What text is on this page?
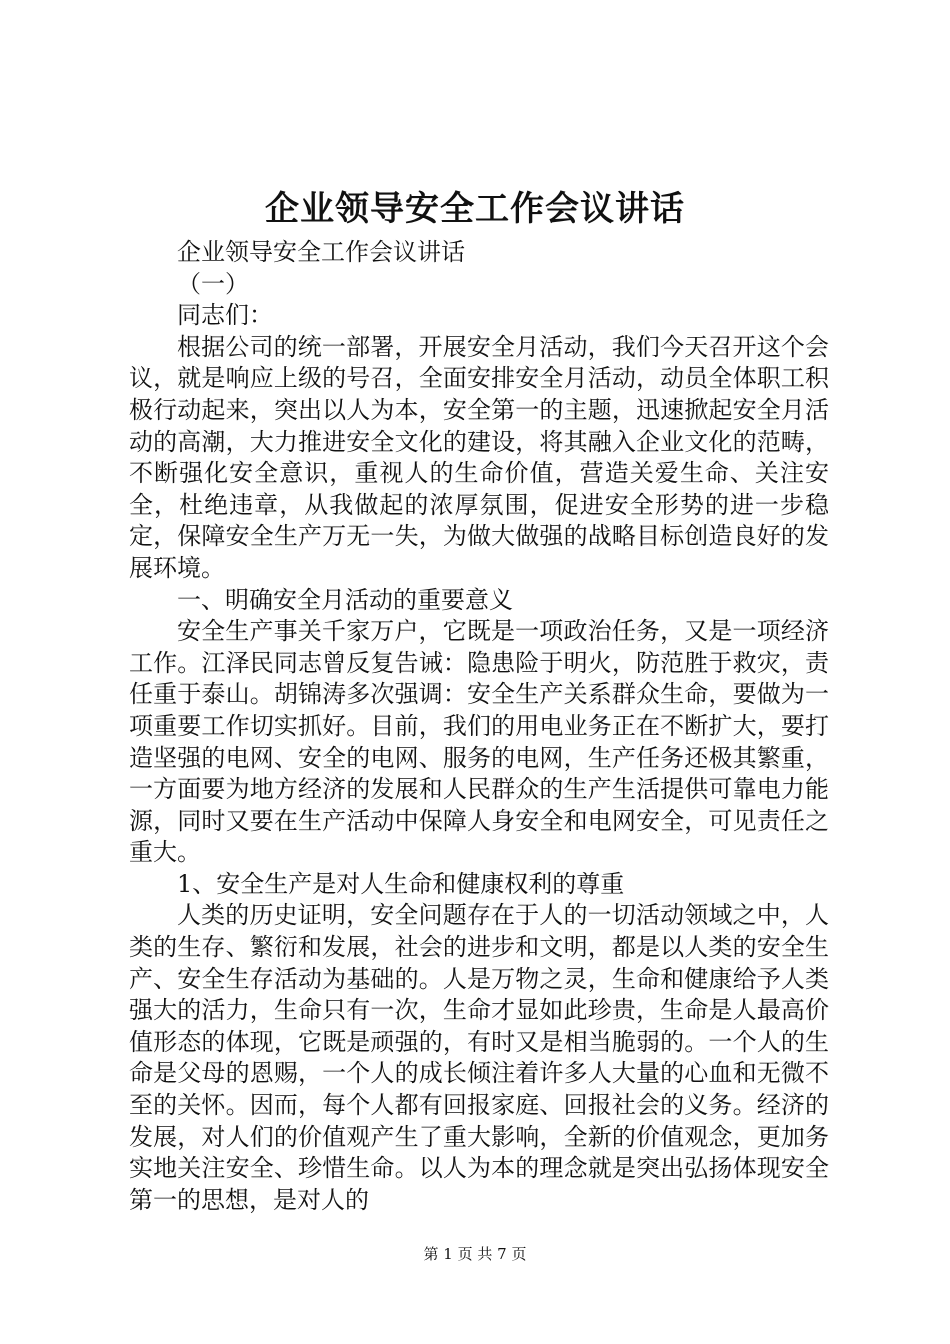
企业领导安全工作会议讲话

企业领导安全工作会议讲话

（一）

同志们：

根据公司的统一部署，开展安全月活动，我们今天召开这个会议，就是响应上级的号召，全面安排安全月活动，动员全体职工积极行动起来，突出以人为本，安全第一的主题，迅速掀起安全月活动的高潮，大力推进安全文化的建设，将其融入企业文化的范畴，不断强化安全意识，重视人的生命价值，营造关爱生命、关注安全，杜绝违章，从我做起的浓厚氛围，促进安全形势的进一步稳定，保障安全生产万无一失，为做大做强的战略目标创造良好的发展环境。

一、明确安全月活动的重要意义

安全生产事关千家万户，它既是一项政治任务，又是一项经济工作。江泽民同志曾反复告诫：隐患险于明火，防范胜于救灾，责任重于泰山。胡锦涛多次强调：安全生产关系群众生命，要做为一项重要工作切实抓好。目前，我们的用电业务正在不断扩大，要打造坚强的电网、安全的电网、服务的电网，生产任务还极其繁重，一方面要为地方经济的发展和人民群众的生产生活提供可靠电力能源，同时又要在生产活动中保障人身安全和电网安全，可见责任之重大。

1、安全生产是对人生命和健康权利的尊重

人类的历史证明，安全问题存在于人的一切活动领域之中，人类的生存、繁衍和发展，社会的进步和文明，都是以人类的安全生产、安全生存活动为基础的。人是万物之灵，生命和健康给予人类强大的活力，生命只有一次，生命才显如此珍贵，生命是人最高价值形态的体现，它既是顽强的，有时又是相当脆弱的。一个人的生命是父母的恩赐，一个人的成长倾注着许多人大量的心血和无微不至的关怀。因而，每个人都有回报家庭、回报社会的义务。经济的发展，对人们的价值观产生了重大影响，全新的价值观念，更加务实地关注安全、珍惜生命。以人为本的理念就是突出弘扬体现安全第一的思想，是对人的

第 1 页 共 7 页
